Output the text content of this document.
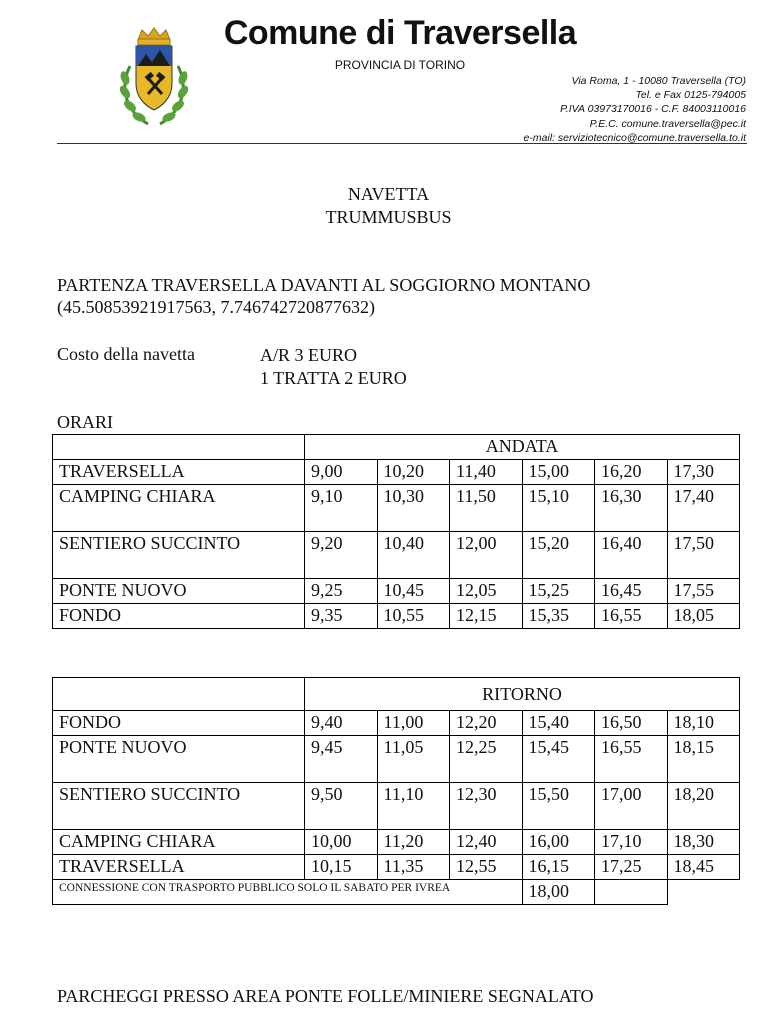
Comune di Traversella
PROVINCIA DI TORINO
Via Roma, 1 - 10080 Traversella (TO)
Tel. e Fax 0125-794005
P.IVA 03973170016 - C.F. 84003110016
P.E.C. comune.traversella@pec.it
e-mail: serviziotecnico@comune.traversella.to.it
NAVETTA
TRUMMUSBUS
PARTENZA TRAVERSELLA DAVANTI AL SOGGIORNO MONTANO
(45.50853921917563, 7.746742720877632)
Costo della navetta	A/R 3 EURO
1 TRATTA 2 EURO
ORARI
	ANDATA					
TRAVERSELLA	9,00	10,20	11,40	15,00	16,20	17,30
CAMPING CHIARA	9,10	10,30	11,50	15,10	16,30	17,40
SENTIERO SUCCINTO	9,20	10,40	12,00	15,20	16,40	17,50
PONTE NUOVO	9,25	10,45	12,05	15,25	16,45	17,55
FONDO	9,35	10,55	12,15	15,35	16,55	18,05
	RITORNO					
FONDO	9,40	11,00	12,20	15,40	16,50	18,10
PONTE NUOVO	9,45	11,05	12,25	15,45	16,55	18,15
SENTIERO SUCCINTO	9,50	11,10	12,30	15,50	17,00	18,20
CAMPING CHIARA	10,00	11,20	12,40	16,00	17,10	18,30
TRAVERSELLA	10,15	11,35	12,55	16,15	17,25	18,45
CONNESSIONE CON TRASPORTO PUBBLICO SOLO IL SABATO PER IVREA				18,00		
PARCHEGGI PRESSO AREA PONTE FOLLE/MINIERE SEGNALATO
